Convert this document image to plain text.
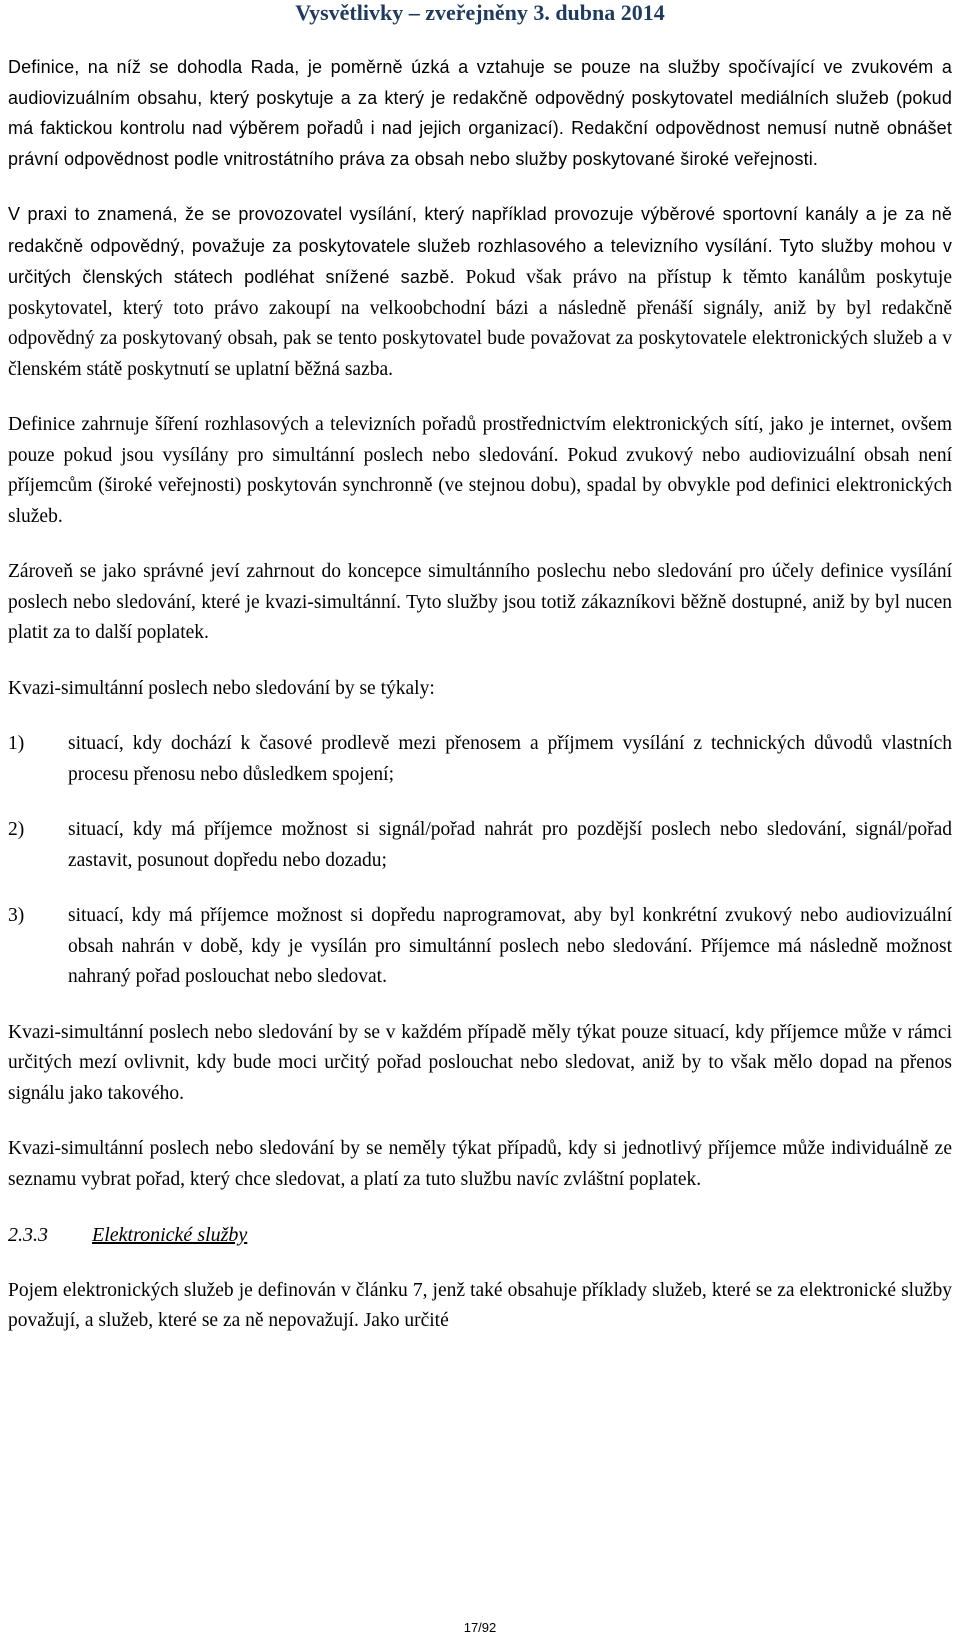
Vysvětlivky – zveřejněny 3. dubna 2014

Definice, na níž se dohodla Rada, je poměrně úzká a vztahuje se pouze na služby spočívající ve zvukovém a audiovizuálním obsahu, který poskytuje a za který je redakčně odpovědný poskytovatel mediálních služeb (pokud má faktickou kontrolu nad výběrem pořadů i nad jejich organizací). Redakční odpovědnost nemusí nutně obnášet právní odpovědnost podle vnitrostátního práva za obsah nebo služby poskytované široké veřejnosti.

V praxi to znamená, že se provozovatel vysílání, který například provozuje výběrové sportovní kanály a je za ně redakčně odpovědný, považuje za poskytovatele služeb rozhlasového a televizního vysílání. Tyto služby mohou v určitých členských státech podléhat snížené sazbě. Pokud však právo na přístup k těmto kanálům poskytuje poskytovatel, který toto právo zakoupí na velkoobchodní bázi a následně přenáší signály, aniž by byl redakčně odpovědný za poskytovaný obsah, pak se tento poskytovatel bude považovat za poskytovatele elektronických služeb a v členském státě poskytnutí se uplatní běžná sazba.

Definice zahrnuje šíření rozhlasových a televizních pořadů prostřednictvím elektronických sítí, jako je internet, ovšem pouze pokud jsou vysílány pro simultánní poslech nebo sledování. Pokud zvukový nebo audiovizuální obsah není příjemcům (široké veřejnosti) poskytován synchronně (ve stejnou dobu), spadal by obvykle pod definici elektronických služeb.

Zároveň se jako správné jeví zahrnout do koncepce simultánního poslechu nebo sledování pro účely definice vysílání poslech nebo sledování, které je kvazi-simultánní. Tyto služby jsou totiž zákazníkovi běžně dostupné, aniž by byl nucen platit za to další poplatek.

Kvazi-simultánní poslech nebo sledování by se týkaly:

1)	situací, kdy dochází k časové prodlevě mezi přenosem a příjmem vysílání z technických důvodů vlastních procesu přenosu nebo důsledkem spojení;
2)	situací, kdy má příjemce možnost si signál/pořad nahrát pro pozdější poslech nebo sledování, signál/pořad zastavit, posunout dopředu nebo dozadu;
3)	situací, kdy má příjemce možnost si dopředu naprogramovat, aby byl konkrétní zvukový nebo audiovizuální obsah nahrán v době, kdy je vysílán pro simultánní poslech nebo sledování. Příjemce má následně možnost nahraný pořad poslouchat nebo sledovat.

Kvazi-simultánní poslech nebo sledování by se v každém případě měly týkat pouze situací, kdy příjemce může v rámci určitých mezí ovlivnit, kdy bude moci určitý pořad poslouchat nebo sledovat, aniž by to však mělo dopad na přenos signálu jako takového.

Kvazi-simultánní poslech nebo sledování by se neměly týkat případů, kdy si jednotlivý příjemce může individuálně ze seznamu vybrat pořad, který chce sledovat, a platí za tuto službu navíc zvláštní poplatek.

2.3.3	Elektronické služby

Pojem elektronických služeb je definován v článku 7, jenž také obsahuje příklady služeb, které se za elektronické služby považují, a služeb, které se za ně nepovažují. Jako určité

17/92
